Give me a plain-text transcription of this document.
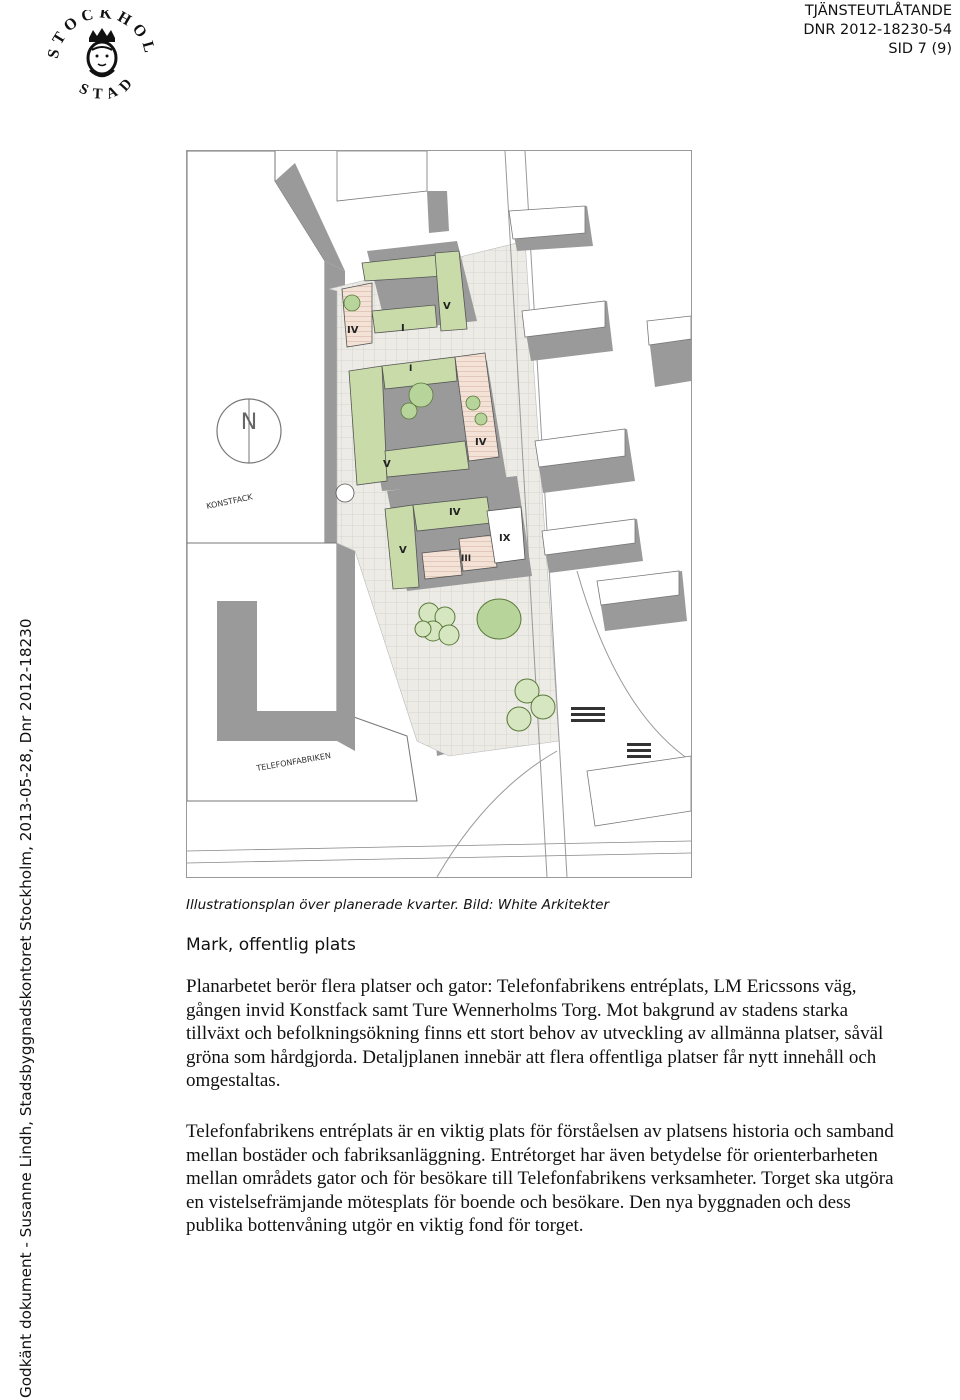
STOCKHOL
STAD
TJÄNSTEUTLÅTANDE
DNR 2012-18230-54
SID 7 (9)
Godkänt dokument - Susanne Lindh, Stadsbyggnadskontoret Stockholm, 2013-05-28, Dnr 2012-18230
N
KONSTFACK
TELEFONFABRIKEN
IV	I
V
I
V
IV
IV
V
III
IX
Illustrationsplan över planerade kvarter. Bild: White Arkitekter
Mark, offentlig plats

Planarbetet berör flera platser och gator: Telefonfabrikens entréplats, LM Ericssons väg, gången invid Konstfack samt Ture Wennerholms Torg. Mot bakgrund av stadens starka tillväxt och befolkningsökning finns ett stort behov av utveckling av allmänna platser, såväl gröna som hårdgjorda. Detaljplanen innebär att flera offentliga platser får nytt innehåll och omgestaltas.

Telefonfabrikens entréplats är en viktig plats för förståelsen av platsens historia och samband mellan bostäder och fabriksanläggning. Entrétorget har även betydelse för orienterbarheten mellan områdets gator och för besökare till Telefonfabrikens verksamheter. Torget ska utgöra en vistelsefrämjande mötesplats för boende och besökare. Den nya byggnaden och dess publika bottenvåning utgör en viktig fond för torget.
